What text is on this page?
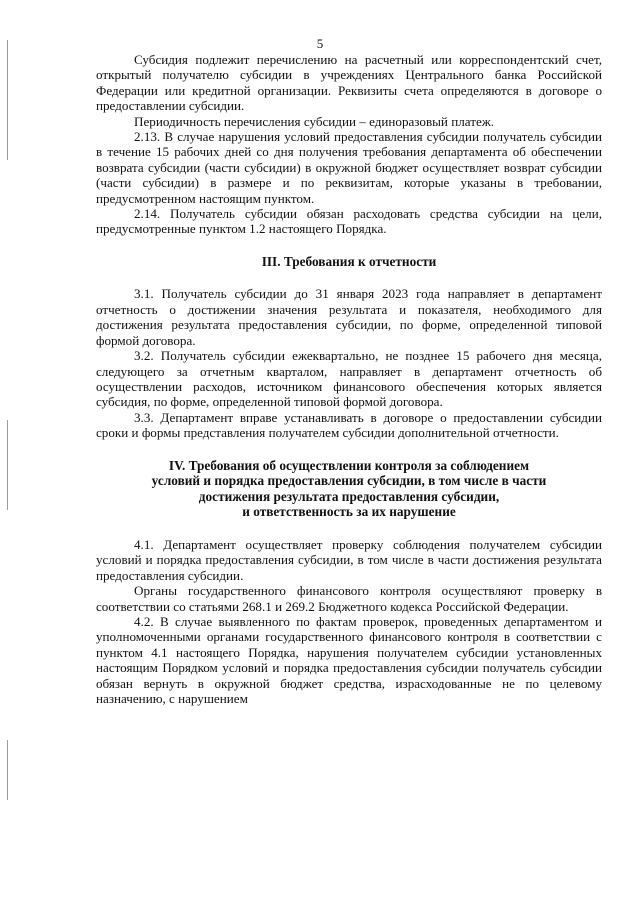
5

Субсидия подлежит перечислению на расчетный или корреспондентский счет, открытый получателю субсидии в учреждениях Центрального банка Российской Федерации или кредитной организации. Реквизиты счета определяются в договоре о предоставлении субсидии.

Периодичность перечисления субсидии – единоразовый платеж.

2.13. В случае нарушения условий предоставления субсидии получатель субсидии в течение 15 рабочих дней со дня получения требования департамента об обеспечении возврата субсидии (части субсидии) в окружной бюджет осуществляет возврат субсидии (части субсидии) в размере и по реквизитам, которые указаны в требовании, предусмотренном настоящим пунктом.

2.14. Получатель субсидии обязан расходовать средства субсидии на цели, предусмотренные пунктом 1.2 настоящего Порядка.

III. Требования к отчетности

3.1. Получатель субсидии до 31 января 2023 года направляет в департамент отчетность о достижении значения результата и показателя, необходимого для достижения результата предоставления субсидии, по форме, определенной типовой формой договора.

3.2. Получатель субсидии ежеквартально, не позднее 15 рабочего дня месяца, следующего за отчетным кварталом, направляет в департамент отчетность об осуществлении расходов, источником финансового обеспечения которых является субсидия, по форме, определенной типовой формой договора.

3.3. Департамент вправе устанавливать в договоре о предоставлении субсидии сроки и формы представления получателем субсидии дополнительной отчетности.

IV. Требования об осуществлении контроля за соблюдением
условий и порядка предоставления субсидии, в том числе в части
достижения результата предоставления субсидии,
и ответственность за их нарушение

4.1. Департамент осуществляет проверку соблюдения получателем субсидии условий и порядка предоставления субсидии, в том числе в части достижения результата предоставления субсидии.

Органы государственного финансового контроля осуществляют проверку в соответствии со статьями 268.1 и 269.2 Бюджетного кодекса Российской Федерации.

4.2. В случае выявленного по фактам проверок, проведенных департаментом и уполномоченными органами государственного финансового контроля в соответствии с пунктом 4.1 настоящего Порядка, нарушения получателем субсидии установленных настоящим Порядком условий и порядка предоставления субсидии получатель субсидии обязан вернуть в окружной бюджет средства, израсходованные не по целевому назначению, с нарушением
